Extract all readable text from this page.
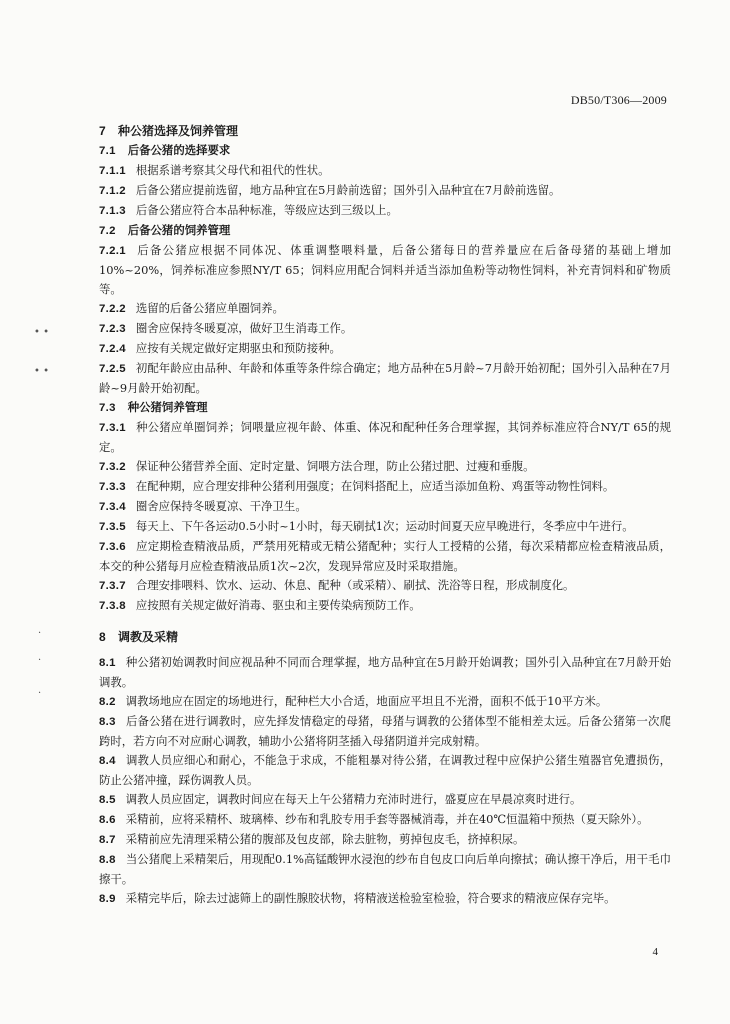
DB50/T306—2009
• •
• •
·
·
·

7 种公猪选择及饲养管理

7.1 后备公猪的选择要求

7.1.1 根据系谱考察其父母代和祖代的性状。

7.1.2 后备公猪应提前选留，地方品种宜在5月龄前选留；国外引入品种宜在7月龄前选留。

7.1.3 后备公猪应符合本品种标准，等级应达到三级以上。

7.2 后备公猪的饲养管理

7.2.1 后备公猪应根据不同体况、体重调整喂料量，后备公猪每日的营养量应在后备母猪的基础上增加10%~20%，饲养标准应参照NY/T 65；饲料应用配合饲料并适当添加鱼粉等动物性饲料，补充青饲料和矿物质等。

7.2.2 选留的后备公猪应单圈饲养。

7.2.3 圈舍应保持冬暖夏凉，做好卫生消毒工作。

7.2.4 应按有关规定做好定期驱虫和预防接种。

7.2.5 初配年龄应由品种、年龄和体重等条件综合确定；地方品种在5月龄~7月龄开始初配；国外引入品种在7月龄~9月龄开始初配。

7.3 种公猪饲养管理

7.3.1 种公猪应单圈饲养；饲喂量应视年龄、体重、体况和配种任务合理掌握，其饲养标准应符合NY/T 65的规定。

7.3.2 保证种公猪营养全面、定时定量、饲喂方法合理，防止公猪过肥、过瘦和垂腹。

7.3.3 在配种期，应合理安排种公猪利用强度；在饲料搭配上，应适当添加鱼粉、鸡蛋等动物性饲料。

7.3.4 圈舍应保持冬暖夏凉、干净卫生。

7.3.5 每天上、下午各运动0.5小时~1小时，每天刷拭1次；运动时间夏天应早晚进行，冬季应中午进行。

7.3.6 应定期检查精液品质，严禁用死精或无精公猪配种；实行人工授精的公猪，每次采精都应检查精液品质，本交的种公猪每月应检查精液品质1次~2次，发现异常应及时采取措施。

7.3.7 合理安排喂料、饮水、运动、休息、配种（或采精）、刷拭、洗浴等日程，形成制度化。

7.3.8 应按照有关规定做好消毒、驱虫和主要传染病预防工作。

8 调教及采精

8.1 种公猪初始调教时间应视品种不同而合理掌握，地方品种宜在5月龄开始调教；国外引入品种宜在7月龄开始调教。

8.2 调教场地应在固定的场地进行，配种栏大小合适，地面应平坦且不光滑，面积不低于10平方米。

8.3 后备公猪在进行调教时，应先择发情稳定的母猪，母猪与调教的公猪体型不能相差太远。后备公猪第一次爬跨时，若方向不对应耐心调教，辅助小公猪将阴茎插入母猪阴道并完成射精。

8.4 调教人员应细心和耐心，不能急于求成，不能粗暴对待公猪，在调教过程中应保护公猪生殖器官免遭损伤，防止公猪冲撞，踩伤调教人员。

8.5 调教人员应固定，调教时间应在每天上午公猪精力充沛时进行，盛夏应在早晨凉爽时进行。

8.6 采精前，应将采精杯、玻璃棒、纱布和乳胶专用手套等器械消毒，并在40℃恒温箱中预热（夏天除外）。

8.7 采精前应先清理采精公猪的腹部及包皮部，除去脏物，剪掉包皮毛，挤掉积尿。

8.8 当公猪爬上采精架后，用现配0.1%高锰酸钾水浸泡的纱布自包皮口向后单向擦拭；确认擦干净后，用干毛巾擦干。

8.9 采精完毕后，除去过滤筛上的副性腺胶状物，将精液送检验室检验，符合要求的精液应保存完毕。

4
